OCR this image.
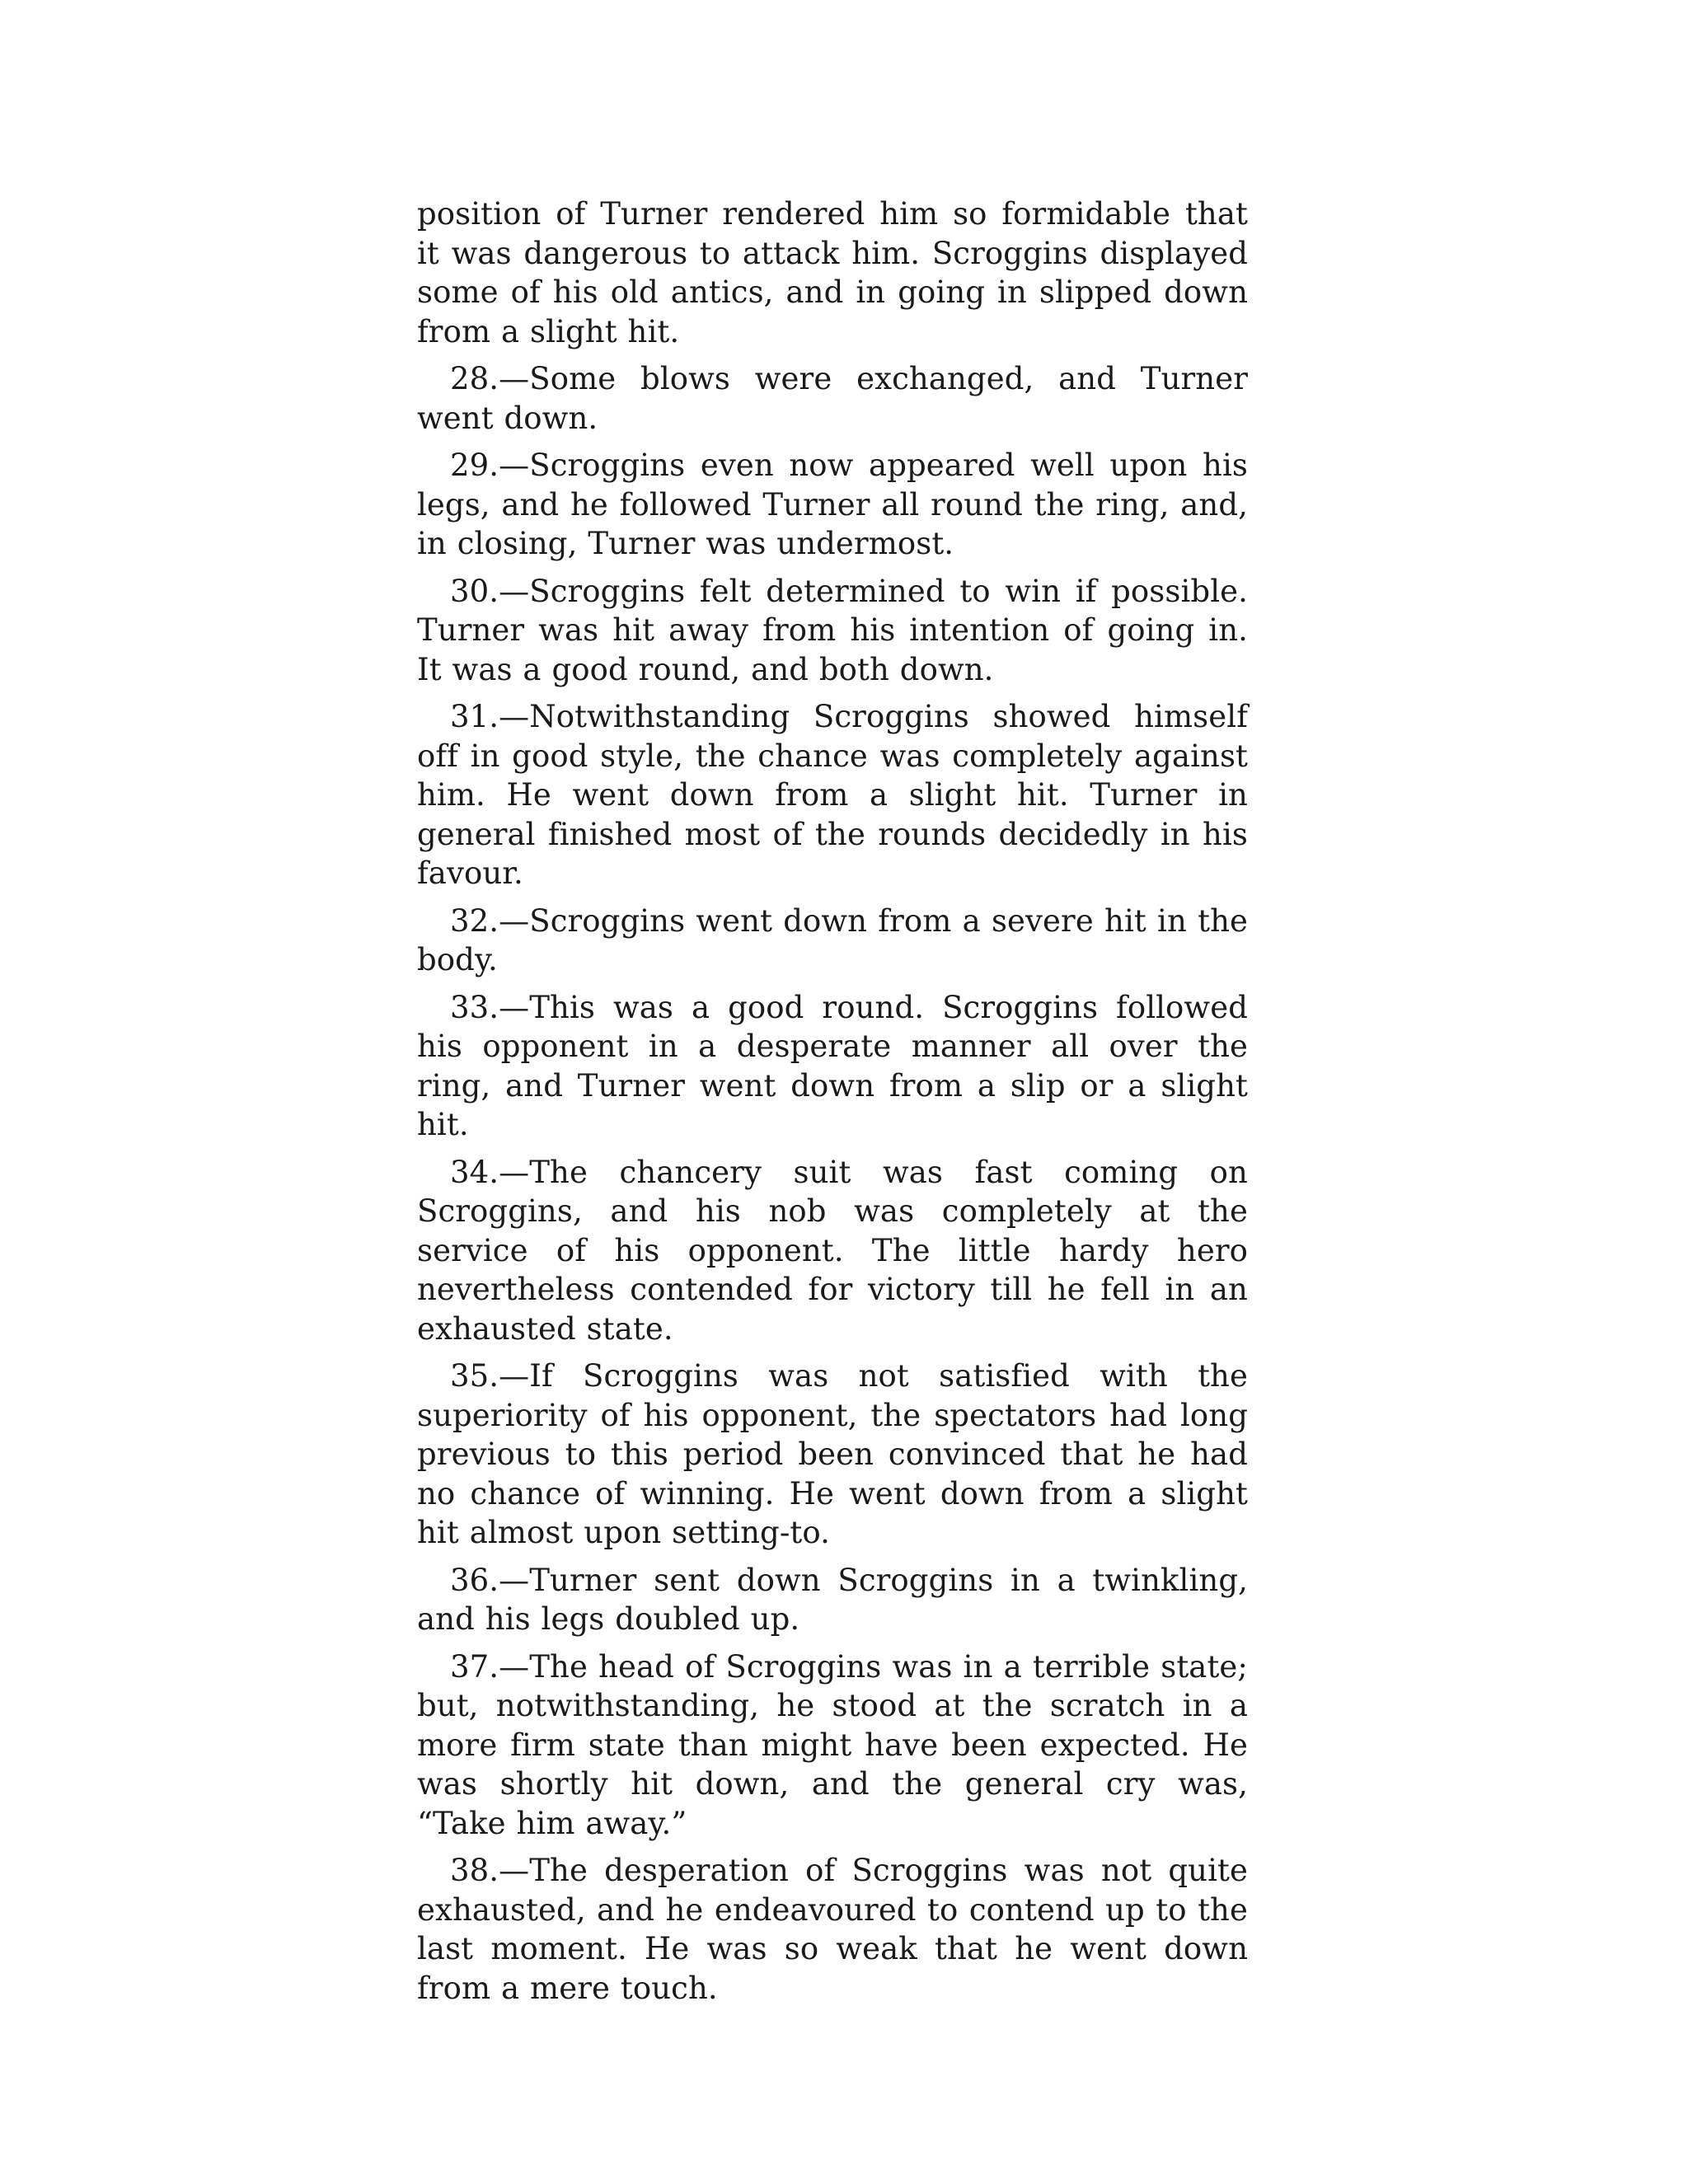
position of Turner rendered him so formidable that it was dangerous to attack him. Scroggins displayed some of his old antics, and in going in slipped down from a slight hit.

28.—Some blows were exchanged, and Turner went down.

29.—Scroggins even now appeared well upon his legs, and he followed Turner all round the ring, and, in closing, Turner was undermost.

30.—Scroggins felt determined to win if possible. Turner was hit away from his intention of going in. It was a good round, and both down.

31.—Notwithstanding Scroggins showed himself off in good style, the chance was completely against him. He went down from a slight hit. Turner in general finished most of the rounds decidedly in his favour.

32.—Scroggins went down from a severe hit in the body.

33.—This was a good round. Scroggins followed his opponent in a desperate manner all over the ring, and Turner went down from a slip or a slight hit.

34.—The chancery suit was fast coming on Scroggins, and his nob was completely at the service of his opponent. The little hardy hero nevertheless contended for victory till he fell in an exhausted state.

35.—If Scroggins was not satisfied with the superiority of his opponent, the spectators had long previous to this period been convinced that he had no chance of winning. He went down from a slight hit almost upon setting-to.

36.—Turner sent down Scroggins in a twinkling, and his legs doubled up.

37.—The head of Scroggins was in a terrible state; but, notwithstanding, he stood at the scratch in a more firm state than might have been expected. He was shortly hit down, and the general cry was, “Take him away.”

38.—The desperation of Scroggins was not quite exhausted, and he endeavoured to contend up to the last moment. He was so weak that he went down from a mere touch.
